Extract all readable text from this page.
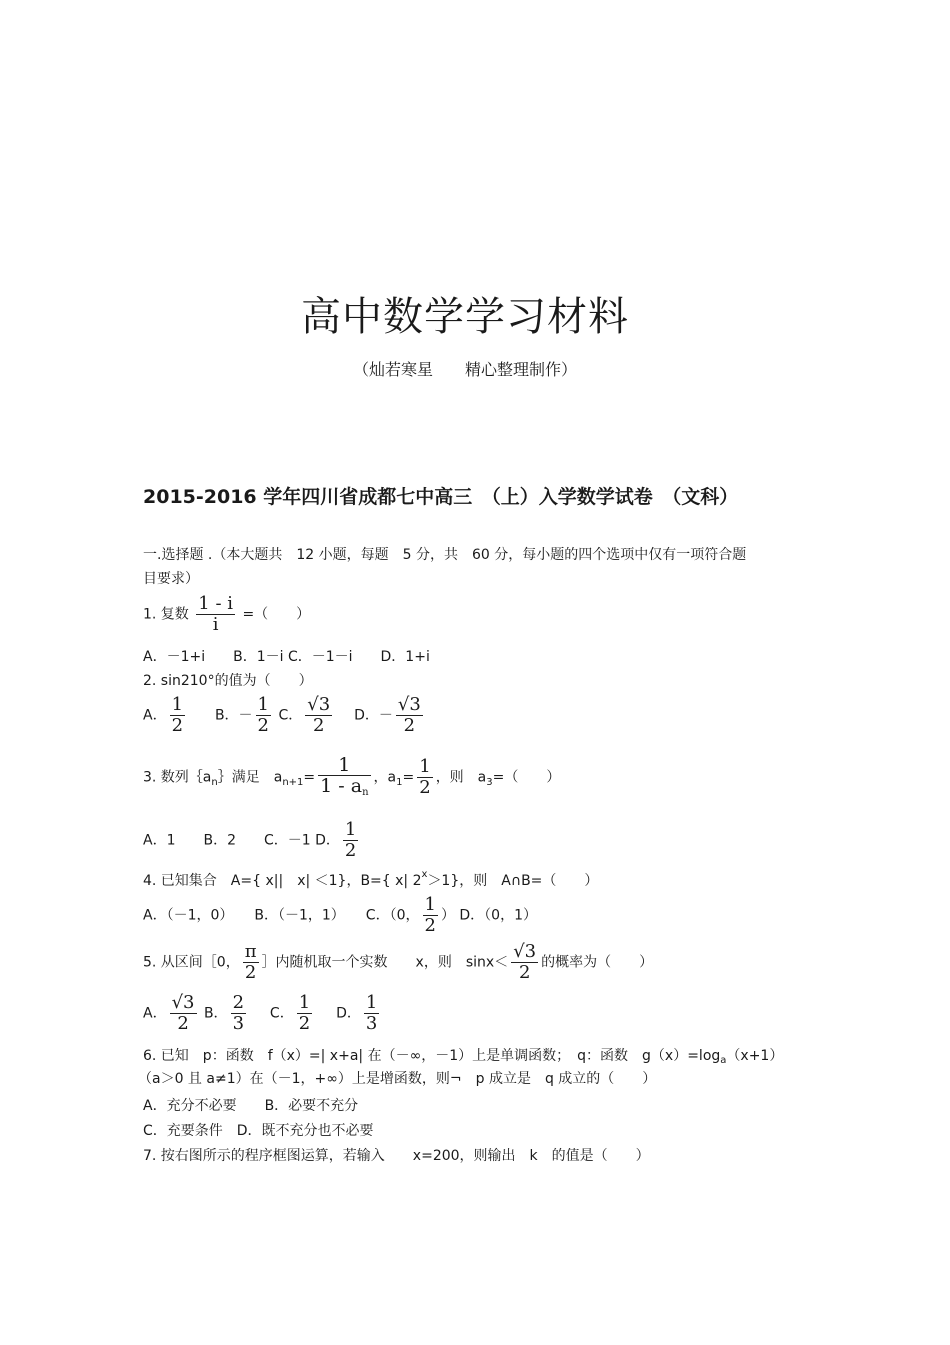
高中数学学习材料
（灿若寒星　　精心整理制作）
2015-2016 学年四川省成都七中高三　（上）入学数学试卷　（文科）
一.选择题 .（本大题共　12 小题，每题　5 分，共　60 分，每小题的四个选项中仅有一项符合题
目要求）
1. 复数 $\frac{1 - i}{i}$ =（　　）
A．－1+i　　B．1－i C．－1－i　　D．1+i
2. sin210°的值为（　　）
A． $\frac{1}{2}$ B．－ $\frac{1}{2}$ C． $\frac{√3}{2}$ D．－ $\frac{√3}{2}$
3. 数列$\{a_n\}$满足　$a_{n+1}= \frac{1}{1 - an}$ ，$a_1= \frac{1}{2}$ ，则　$a_3=$（　　）
A．1　　B．2　　C．－1 D． $\frac{1}{2}$
4. 已知集合　A={ x||　x| ＜1}，B={ x| $2^x>1$}，则　A∩B=（　　）
A．（－1，0）　　B．（－1，1）　　C．（0， $\frac{1}{2}$ ） D．（0，1）
5. 从区间［0， $\frac{\pi}{2}$ ］内随机取一个实数　　x，则　$\sin x< \frac{√3}{2}$ 的概率为（　　）
A． $\frac{√3}{2}$ B． $\frac{2}{3}$ C． $\frac{1}{2}$ D． $\frac{1}{3}$
6. 已知　p：函数　f（x）=| x+a| 在（－∞，－1）上是单调函数；　q：函数　$g(x)=\log_a(x+1)$
（a＞0 且 a≠1）在（－1，+∞）上是增函数，则¬　p 成立是　q 成立的（　　）
A．充分不必要　　B．必要不充分
C．充要条件　D．既不充分也不必要
7. 按右图所示的程序框图运算，若输入　　x=200，则输出　k　的值是（　　）
